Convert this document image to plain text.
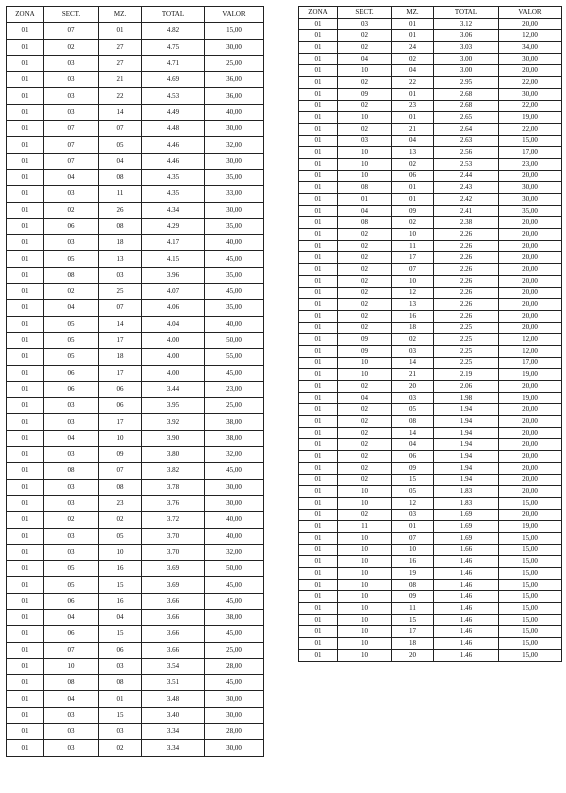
ZONA	SECT.	MZ.	TOTAL	VALOR
01	07	01	4.82	15,00
01	02	27	4.75	30,00
01	03	27	4.71	25,00
01	03	21	4.69	36,00
01	03	22	4.53	36,00
01	03	14	4.49	40,00
01	07	07	4.48	30,00
01	07	05	4.46	32,00
01	07	04	4.46	30,00
01	04	08	4.35	35,00
01	03	11	4.35	33,00
01	02	26	4.34	30,00
01	06	08	4.29	35,00
01	03	18	4.17	40,00
01	05	13	4.15	45,00
01	08	03	3.96	35,00
01	02	25	4.07	45,00
01	04	07	4.06	35,00
01	05	14	4.04	40,00
01	05	17	4.00	50,00
01	05	18	4.00	55,00
01	06	17	4.00	45,00
01	06	06	3.44	23,00
01	03	06	3.95	25,00
01	03	17	3.92	38,00
01	04	10	3.90	38,00
01	03	09	3.80	32,00
01	08	07	3.82	45,00
01	03	08	3.78	30,00
01	03	23	3.76	30,00
01	02	02	3.72	40,00
01	03	05	3.70	40,00
01	03	10	3.70	32,00
01	05	16	3.69	50,00
01	05	15	3.69	45,00
01	06	16	3.66	45,00
01	04	04	3.66	38,00
01	06	15	3.66	45,00
01	07	06	3.66	25,00
01	10	03	3.54	28,00
01	08	08	3.51	45,00
01	04	01	3.48	30,00
01	03	15	3.40	30,00
01	03	03	3.34	28,00
01	03	02	3.34	30,00
ZONA	SECT.	MZ.	TOTAL	VALOR
01	03	01	3.12	20,00
01	02	01	3.06	12,00
01	02	24	3.03	34,00
01	04	02	3.00	30,00
01	10	04	3.00	20,00
01	02	22	2.95	22,00
01	09	01	2.68	30,00
01	02	23	2.68	22,00
01	10	01	2.65	19,00
01	02	21	2.64	22,00
01	03	04	2.63	15,00
01	10	13	2.56	17,00
01	10	02	2.53	23,00
01	10	06	2.44	20,00
01	08	01	2.43	30,00
01	01	01	2.42	30,00
01	04	09	2.41	35,00
01	08	02	2.38	20,00
01	02	10	2.26	20,00
01	02	11	2.26	20,00
01	02	17	2.26	20,00
01	02	07	2.26	20,00
01	02	10	2.26	20,00
01	02	12	2.26	20,00
01	02	13	2.26	20,00
01	02	16	2.26	20,00
01	02	18	2.25	20,00
01	09	02	2.25	12,00
01	09	03	2.25	12,00
01	10	14	2.25	17,00
01	10	21	2.19	19,00
01	02	20	2.06	20,00
01	04	03	1.98	19,00
01	02	05	1.94	20,00
01	02	08	1.94	20,00
01	02	14	1.94	20,00
01	02	04	1.94	20,00
01	02	06	1.94	20,00
01	02	09	1.94	20,00
01	02	15	1.94	20,00
01	10	05	1.83	20,00
01	10	12	1.83	15,00
01	02	03	1.69	20,00
01	11	01	1.69	19,00
01	10	07	1.69	15,00
01	10	10	1.66	15,00
01	10	16	1.46	15,00
01	10	19	1.46	15,00
01	10	08	1.46	15,00
01	10	09	1.46	15,00
01	10	11	1.46	15,00
01	10	15	1.46	15,00
01	10	17	1.46	15,00
01	10	18	1.46	15,00
01	10	20	1.46	15,00
